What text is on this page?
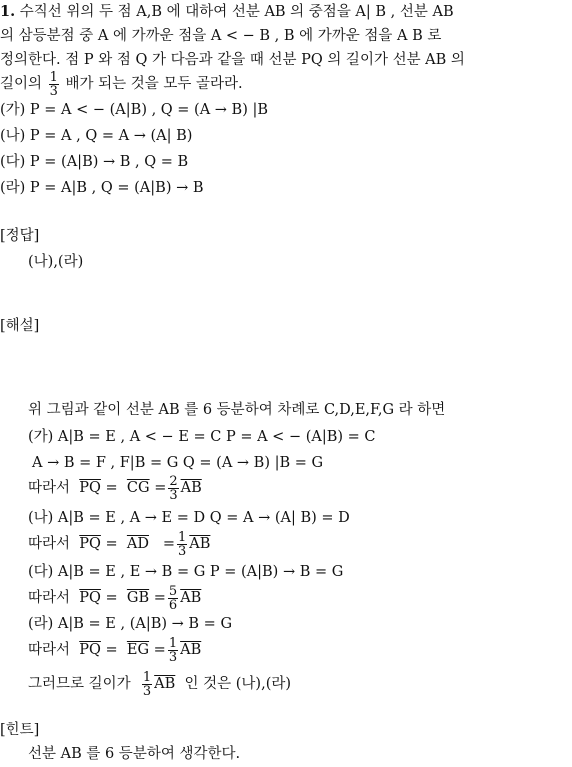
1. 수직선 위의 두 점 A,B 에 대하여 선분 AB 의 중점을 A| B , 선분 AB
의 삼등분점 중 A 에 가까운 점을 A < − B , B 에 가까운 점을 A B 로
정의한다. 점 P 와 점 Q 가 다음과 같을 때 선분 PQ 의 길이가 선분 AB 의
길이의 $\frac{1}{3}$ 배가 되는 것을 모두 골라라.
(가) P = A < − (A|B) , Q = (A → B) |B
(나) P = A , Q = A → (A| B)
(다) P = (A|B) → B , Q = B
(라) P = A|B , Q = (A|B) → B
[정답]
(나),(라)
[해설]
위 그림과 같이 선분 AB 를 6 등분하여 차례로 C,D,E,F,G 라 하면
(가) A|B = E , A < − E = C P = A < − (A|B) = C
A → B = F , F|B = G Q = (A → B) |B = G
따라서 $\overline{PQ} = \overline{CG} = \frac{2}{3} \overline{AB}$
(나) A|B = E , A → E = D Q = A → (A| B) = D
따라서 $\overline{PQ} = \overline{AD} = \frac{1}{3} \overline{AB}$
(다) A|B = E , E → B = G P = (A|B) → B = G
따라서 $\overline{PQ} = \overline{GB} = \frac{5}{6} \overline{AB}$
(라) A|B = E , (A|B) → B = G
따라서 $\overline{PQ} = \overline{EG} = \frac{1}{3} \overline{AB}$
그러므로 길이가 $\frac{1}{3} \overline{AB}$ 인 것은 (나),(라)
[힌트]
선분 AB 를 6 등분하여 생각한다.
